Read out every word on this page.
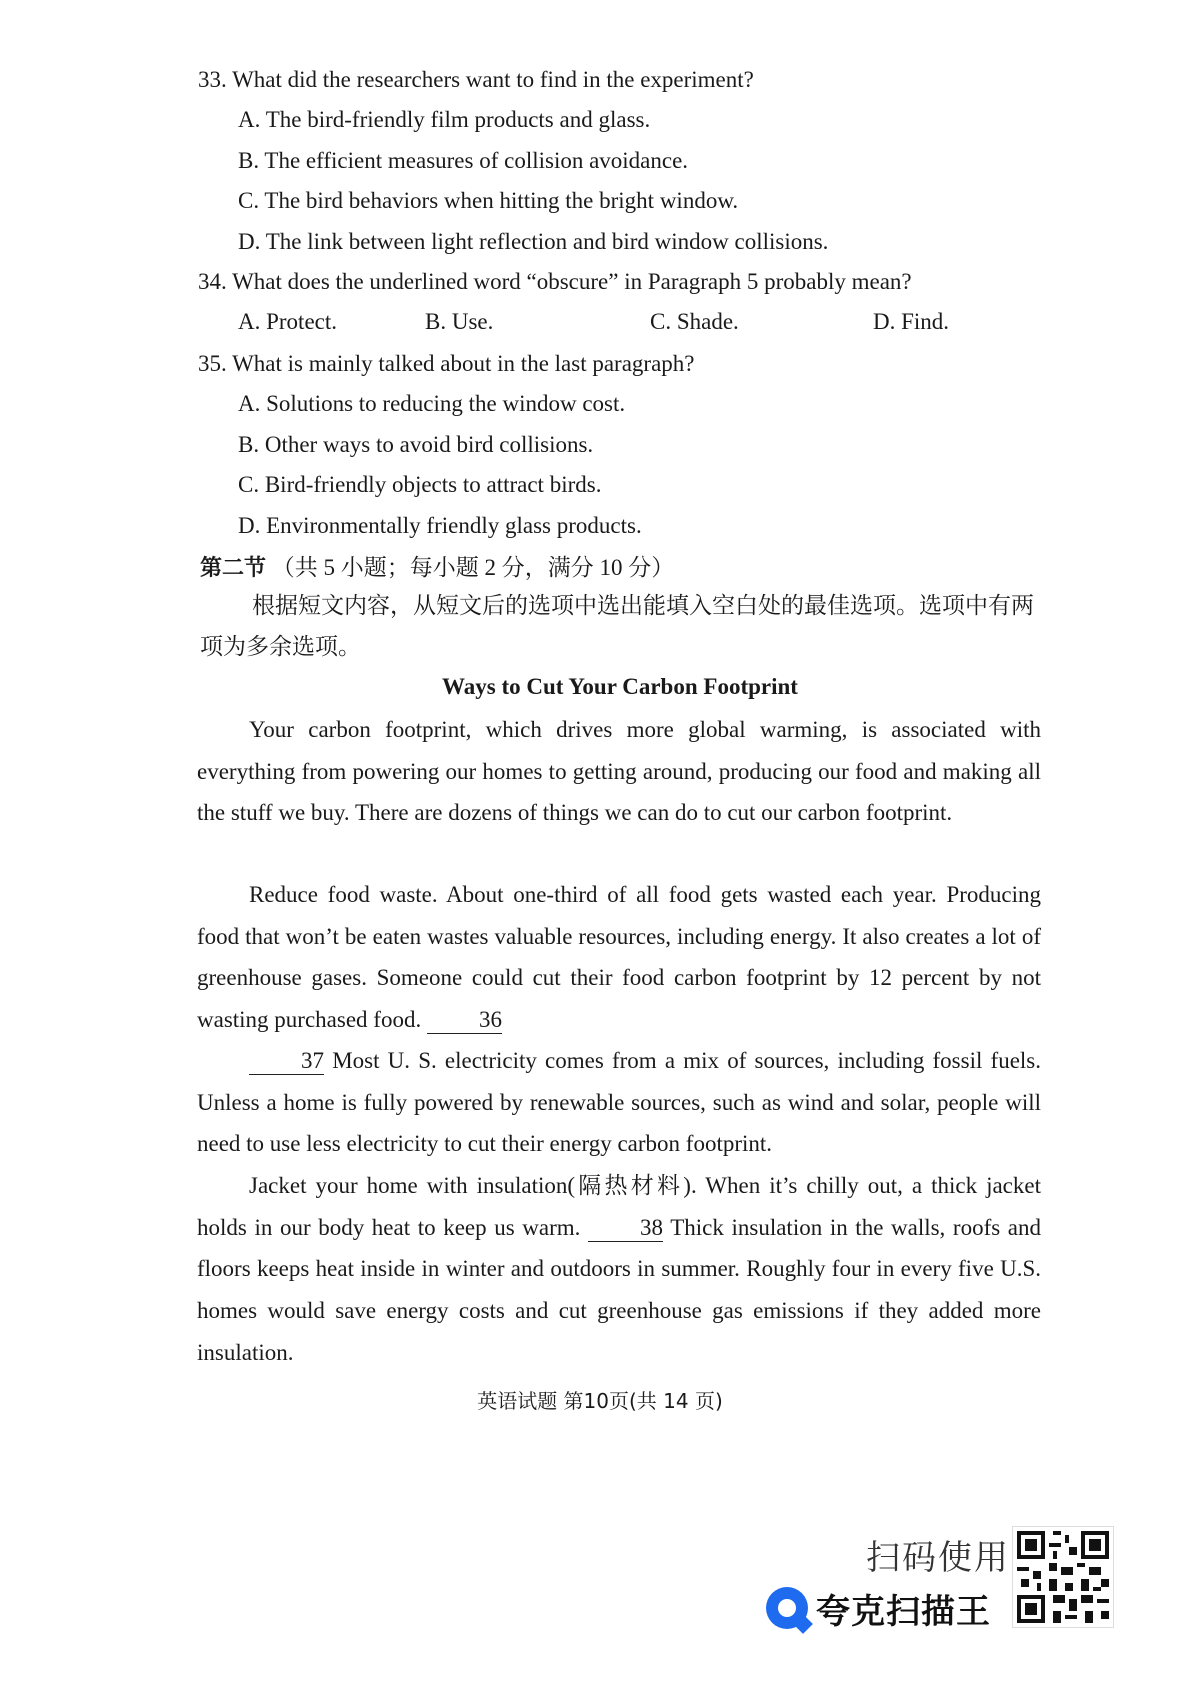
33. What did the researchers want to find in the experiment?
A. The bird-friendly film products and glass.
B. The efficient measures of collision avoidance.
C. The bird behaviors when hitting the bright window.
D. The link between light reflection and bird window collisions.
34. What does the underlined word “obscure” in Paragraph 5 probably mean?
A. Protect.	B. Use.	C. Shade.	D. Find.
35. What is mainly talked about in the last paragraph?
A. Solutions to reducing the window cost.
B. Other ways to avoid bird collisions.
C. Bird-friendly objects to attract birds.
D. Environmentally friendly glass products.
第二节 （共 5 小题；每小题 2 分，满分 10 分）
根据短文内容，从短文后的选项中选出能填入空白处的最佳选项。选项中有两项为多余选项。
Ways to Cut Your Carbon Footprint
Your carbon footprint, which drives more global warming, is associated with everything from powering our homes to getting around, producing our food and making all the stuff we buy. There are dozens of things we can do to cut our carbon footprint.
Reduce food waste. About one-third of all food gets wasted each year. Producing food that won’t be eaten wastes valuable resources, including energy. It also creates a lot of greenhouse gases. Someone could cut their food carbon footprint by 12 percent by not wasting purchased food.	36
37 Most U. S. electricity comes from a mix of sources, including fossil fuels. Unless a home is fully powered by renewable sources, such as wind and solar, people will need to use less electricity to cut their energy carbon footprint.
Jacket your home with insulation(隔热材料). When it’s chilly out, a thick jacket holds in our body heat to keep us warm.	38 Thick insulation in the walls, roofs and floors keeps heat inside in winter and outdoors in summer. Roughly four in every five U.S. homes would save energy costs and cut greenhouse gas emissions if they added more insulation.
英语试题 第10页(共 14 页)
扫码使用
夸克扫描王
